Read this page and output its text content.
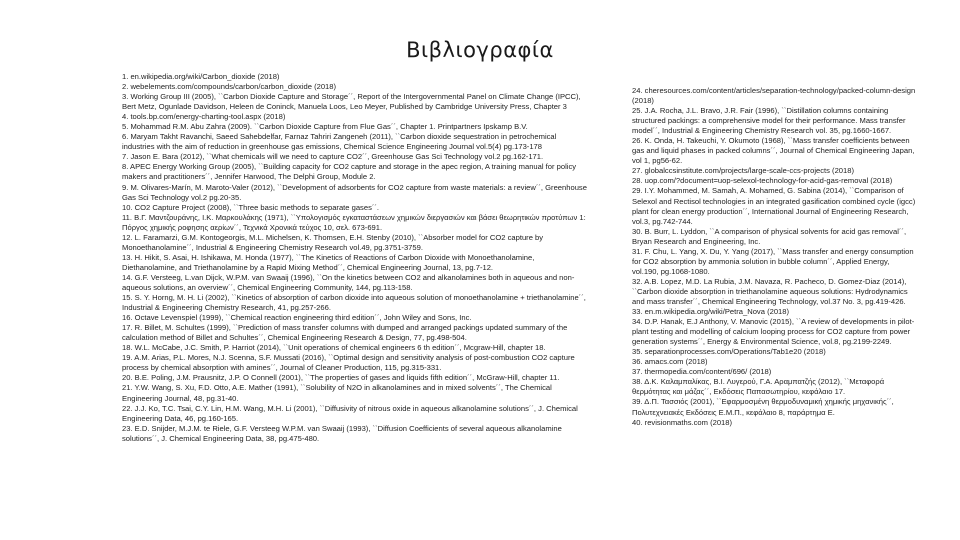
Βιβλιογραφία

1. en.wikipedia.org/wiki/Carbon_dioxide (2018)

2. webelements.com/compounds/carbon/carbon_dioxide (2018)

3. Working Group III (2005), ``Carbon Dioxide Capture and Storage´´, Report of the Intergovernmental Panel on Climate Change (IPCC), Bert Metz, Ogunlade Davidson, Heleen de Coninck, Manuela Loos, Leo Meyer, Published by Cambridge University Press, Chapter 3

4. tools.bp.com/energy-charting-tool.aspx (2018)

5. Mohammad R.M. Abu Zahra (2009). ``Carbon Dioxide Capture from Flue Gas´´, Chapter 1. Printpartners Ipskamp B.V.

6. Maryam Takht Ravanchi, Saeed Sahebdelfar, Farnaz Tahriri Zangeneh (2011), ``Carbon dioxide sequestration in petrochemical industries with the aim of reduction in greenhouse gas emissions, Chemical Science Engineering Journal vol.5(4) pg.173-178

7. Jason E. Bara (2012), ``What chemicals will we need to capture CO2´´, Greenhouse Gas Sci Technology vol.2 pg.162-171.

8. APEC Energy Working Group (2005), ``Building capacity for CO2 capture and storage in the apec region, A training manual for policy makers and practitioners´´, Jennifer Harwood, The Delphi Group, Module 2.

9. M. Olivares-Marín, M. Maroto-Valer (2012), ``Development of adsorbents for CO2 capture from waste materials: a review´´, Greenhouse Gas Sci Technology vol.2 pg.20-35.

10. CO2 Capture Project (2008), ``Three basic methods to separate gases´´.

11. Β.Γ. Μαντζουράνης, Ι.Κ. Μαρκουλάκης (1971), ``Υπολογισμός εγκαταστάσεων χημικών διεργασιών και βάσει θεωρητικών προτύπων 1: Πόργος χημικής ροφησης αερίων´´, Τεχνικά Χρονικά τεύχος 10, σελ. 673-691.

12. L. Faramarzi, G.M. Kontogeorgis, M.L. Michelsen, K. Thomsen, E.H. Stenby (2010), ``Absorber model for CO2 capture by Monoethanolamine´´, Industrial & Engineering Chemistry Research vol.49, pg.3751-3759.

13. H. Hikit, S. Asai, H. Ishikawa, M. Honda (1977), ``The Kinetics of Reactions of Carbon Dioxide with Monoethanolamine, Diethanolamine, and Triethanolamine by a Rapid Mixing Method´´, Chemical Engineering Journal, 13, pg.7-12.

14. G.F. Versteeg, L.van Dijck, W.P.M. van Swaaij (1996), ``On the kinetics between CO2 and alkanolamines both in aqueous and non-aqueous solutions, an overview´´, Chemical Engineering Community, 144, pg.113-158.

15. S. Y. Horng, M. H. Li (2002), ``Kinetics of absorption of carbon dioxide into aqueous solution of monoethanolamine + triethanolamine´´, Industrial & Engineering Chemistry Research, 41, pg.257-266.

16. Octave Levenspiel (1999), ``Chemical reaction engineering third edition´´, John Wiley and Sons, Inc.

17. R. Billet, M. Schultes (1999), ``Prediction of mass transfer columns with dumped and arranged packings updated summary of the calculation method of Billet and Schultes´´, Chemical Engineering Research & Design, 77, pg.498-504.

18. W.L. McCabe, J.C. Smith, P. Harriot (2014), ``Unit operations of chemical engineers 6 th edition´´, Mcgraw-Hill, chapter 18.

19. A.M. Arias, P.L. Mores, N.J. Scenna, S.F. Mussati (2016), ``Optimal design and sensitivity analysis of post-combustion CO2 capture process by chemical absorption with amines´´, Journal of Cleaner Production, 115, pg.315-331.

20. B.E. Poling, J.M. Prausnitz, J.P. O Connell (2001), ``The properties of gases and liquids fifth edition´´, McGraw-Hill, chapter 11.

21. Y.W. Wang, S. Xu, F.D. Otto, A.E. Mather (1991), ``Solubility of N2O in alkanolamines and in mixed solvents´´, The Chemical Engineering Journal, 48, pg.31-40.

22. J.J. Ko, T.C. Tsai, C.Y. Lin, H.M. Wang, M.H. Li (2001), ``Diffusivity of nitrous oxide in aqueous alkanolamine solutions´´, J. Chemical Engineering Data, 46, pg.160-165.

23. E.D. Snijder, M.J.M. te Riele, G.F. Versteeg W.P.M. van Swaaij (1993), ``Diffusion Coefficients of several aqueous alkanolamine solutions´´, J. Chemical Engineering Data, 38, pg.475-480.

24. cheresources.com/content/articles/separation-technology/packed-column-design (2018)

25. J.A. Rocha, J.L. Bravo, J.R. Fair (1996), ``Distillation columns containing structured packings: a comprehensive model for their performance. Mass transfer model´´, Industrial & Engineering Chemistry Research vol. 35, pg.1660-1667.

26. K. Onda, H. Takeuchi, Y. Okumoto (1968), ``Mass transfer coefficients between gas and liquid phases in packed columns´´, Journal of Chemical Engineering Japan, vol 1, pg56-62.

27. globalccsinstitute.com/projects/large-scale-ccs-projects (2018)

28. uop.com/?document=uop-selexol-technology-for-acid-gas-removal (2018)

29. I.Y. Mohammed, M. Samah, A. Mohamed, G. Sabina (2014), ``Comparison of Selexol and Rectisol technologies in an integrated gasification combined cycle (igcc) plant for clean energy production´´, International Journal of Engineering Research, vol.3, pg.742-744.

30. B. Burr, L. Lyddon, ``A comparison of physical solvents for acid gas removal´´, Bryan Research and Engineering, Inc.

31. F. Chu, L. Yang, X. Du, Y. Yang (2017), ``Mass transfer and energy consumption for CO2 absorption by ammonia solution in bubble column´´, Applied Energy, vol.190, pg.1068-1080.

32. A.B. Lopez, M.D. La Rubia, J.M. Navaza, R. Pacheco, D. Gomez-Diaz (2014), ``Carbon dioxide absorption in triethanolamine aqueous solutions: Hydrodynamics and mass transfer´´, Chemical Engineering Technology, vol.37 No. 3, pg.419-426.

33. en.m.wikipedia.org/wiki/Petra_Nova (2018)

34. D.P. Hanak, E.J Anthony, V. Manovic (2015), ``A review of developments in pilot-plant testing and modelling of calcium looping process for CO2 capture from power generation systems´´, Energy & Environmental Science, vol.8, pg.2199-2249.

35. separationprocesses.com/Operations/Tab1e20 (2018)

36. amacs.com (2018)

37. thermopedia.com/content/696/ (2018)

38. Δ.Κ. Καλαμπαλίκας, Β.Ι. Λυγερού, Γ.Α. Αραμπατζής (2012), ``Μεταφορά θερμότητας και μάζας´´, Εκδόσεις Παπασωτηρίου, κεφάλαιο 17.

39. Δ.Π. Τασσιός (2001), ``Εφαρμοσμένη θερμοδυναμική χημικής μηχανικής´´, Πολυτεχνειακές Εκδόσεις Ε.Μ.Π., κεφάλαιο 8, παράρτημα Ε.

40. revisionmaths.com (2018)
